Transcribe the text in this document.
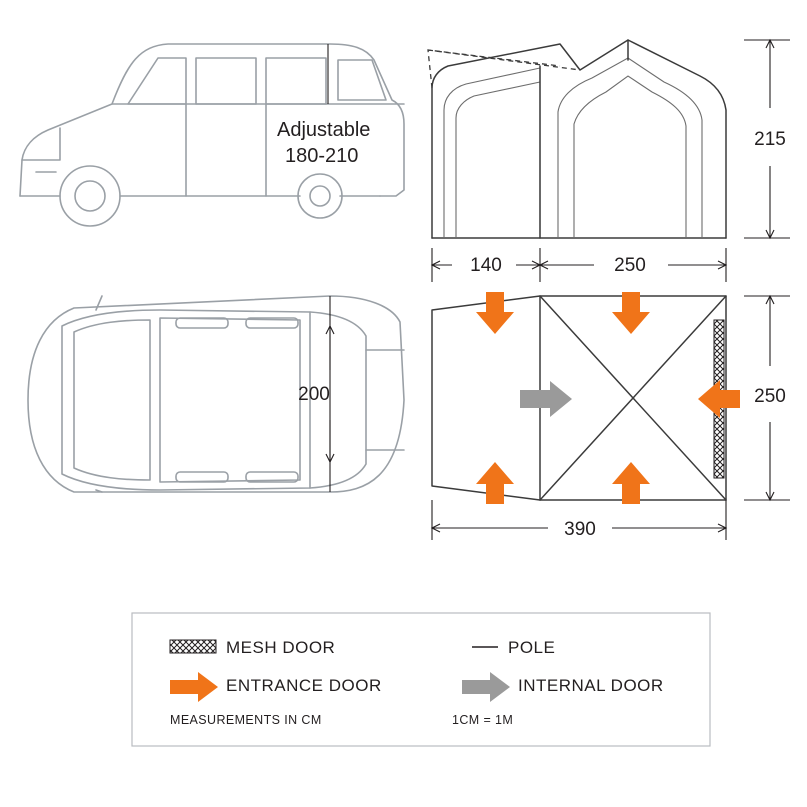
Adjustable
180-210
200
215
140	250
250
390
MESH DOOR	POLE
ENTRANCE DOOR	INTERNAL DOOR
MEASUREMENTS IN CM	1CM = 1M
